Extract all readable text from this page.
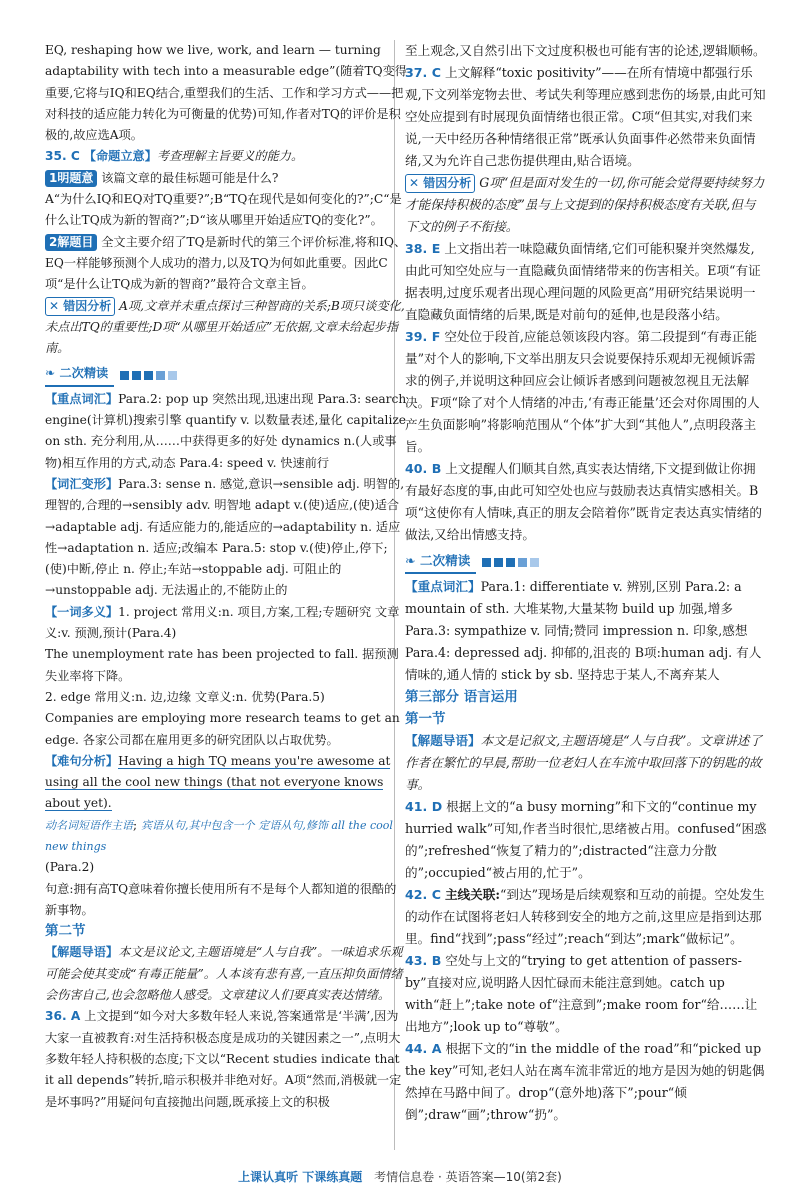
EQ, reshaping how we live, work, and learn — turning adaptability with tech into a measurable edge”(随着TQ变得重要,它将与IQ和EQ结合,重塑我们的生活、工作和学习方式——把对科技的适应能力转化为可衡量的优势)可知,作者对TQ的评价是积极的,故应选A项。

35. C 【命题立意】考查理解主旨要义的能力。

1明题意 该篇文章的最佳标题可能是什么?

A“为什么IQ和EQ对TQ重要?”;B“TQ在现代是如何变化的?”;C“是什么让TQ成为新的智商?”;D“该从哪里开始适应TQ的变化?”。

2解题目 全文主要介绍了TQ是新时代的第三个评价标准,将和IQ、EQ一样能够预测个人成功的潜力,以及TQ为何如此重要。因此C项“是什么让TQ成为新的智商?”最符合文章主旨。

✕ 错因分析 A项,文章并未重点探讨三种智商的关系;B项只谈变化,未点出TQ的重要性;D项“从哪里开始适应”无依据,文章未给起步指南。

❧ 二次精读

【重点词汇】Para.2: pop up 突然出现,迅速出现 Para.3: search engine(计算机)搜索引擎 quantify v. 以数量表述,量化 capitalize on sth. 充分利用,从……中获得更多的好处 dynamics n.(人或事物)相互作用的方式,动态 Para.4: speed v. 快速前行

【词汇变形】Para.3: sense n. 感觉,意识→sensible adj. 明智的,理智的,合理的→sensibly adv. 明智地 adapt v.(使)适应,(使)适合→adaptable adj. 有适应能力的,能适应的→adaptability n. 适应性→adaptation n. 适应;改编本 Para.5: stop v.(使)停止,停下;(使)中断,停止 n. 停止;车站→stoppable adj. 可阻止的→unstoppable adj. 无法遏止的,不能防止的

【一词多义】1. project 常用义:n. 项目,方案,工程;专题研究 文章义:v. 预测,预计(Para.4)

The unemployment rate has been projected to fall. 据预测失业率将下降。

2. edge 常用义:n. 边,边缘 文章义:n. 优势(Para.5)

Companies are employing more research teams to get an edge. 各家公司都在雇用更多的研究团队以占取优势。

【难句分析】Having a high TQ means you're awesome at using all the cool new things (that not everyone knows about yet).

动名词短语作主语; 宾语从句,其中包含一个 定语从句,修饰 all the cool new things

(Para.2)

句意:拥有高TQ意味着你擅长使用所有不是每个人都知道的很酷的新事物。

第二节

【解题导语】本文是议论文,主题语境是“人与自我”。一味追求乐观可能会使其变成“有毒正能量”。人本该有悲有喜,一直压抑负面情绪会伤害自己,也会忽略他人感受。文章建议人们要真实表达情绪。

36. A 上文提到“如今对大多数年轻人来说,答案通常是‘半满’,因为大家一直被教育:对生活持积极态度是成功的关键因素之一”,点明大多数年轻人持积极的态度;下文以“Recent studies indicate that it all depends”转折,暗示积极并非绝对好。A项“然而,消极就一定是坏事吗?”用疑问句直接抛出问题,既承接上文的积极

至上观念,又自然引出下文过度积极也可能有害的论述,逻辑顺畅。

37. C 上文解释“toxic positivity”——在所有情境中都强行乐观,下文列举宠物去世、考试失利等理应感到悲伤的场景,由此可知空处应提到有时展现负面情绪也很正常。C项“但其实,对我们来说,一天中经历各种情绪很正常”既承认负面事件必然带来负面情绪,又为允许自己悲伤提供理由,贴合语境。

✕ 错因分析 G项“但是面对发生的一切,你可能会觉得要持续努力才能保持积极的态度”虽与上文提到的保持积极态度有关联,但与下文的例子不衔接。

38. E 上文指出若一味隐藏负面情绪,它们可能积聚并突然爆发,由此可知空处应与一直隐藏负面情绪带来的伤害相关。E项“有证据表明,过度乐观者出现心理问题的风险更高”用研究结果说明一直隐藏负面情绪的后果,既是对前句的延伸,也是段落小结。

39. F 空处位于段首,应能总领该段内容。第二段提到“有毒正能量”对个人的影响,下文举出朋友只会说要保持乐观却无视倾诉需求的例子,并说明这种回应会让倾诉者感到问题被忽视且无法解决。F项“除了对个人情绪的冲击,‘有毒正能量’还会对你周围的人产生负面影响”将影响范围从“个体”扩大到“其他人”,点明段落主旨。

40. B 上文提醒人们顺其自然,真实表达情绪,下文提到做让你拥有最好态度的事,由此可知空处也应与鼓励表达真情实感相关。B项“这使你有人情味,真正的朋友会陪着你”既肯定表达真实情绪的做法,又给出情感支持。

❧ 二次精读

【重点词汇】Para.1: differentiate v. 辨别,区别 Para.2: a mountain of sth. 大堆某物,大量某物 build up 加强,增多 Para.3: sympathize v. 同情;赞同 impression n. 印象,感想 Para.4: depressed adj. 抑郁的,沮丧的 B项:human adj. 有人情味的,通人情的 stick by sb. 坚持忠于某人,不离弃某人

第三部分 语言运用

第一节

【解题导语】本文是记叙文,主题语境是“人与自我”。文章讲述了作者在繁忙的早晨,帮助一位老妇人在车流中取回落下的钥匙的故事。

41. D 根据上文的“a busy morning”和下文的“continue my hurried walk”可知,作者当时很忙,思绪被占用。confused“困惑的”;refreshed“恢复了精力的”;distracted“注意力分散的”;occupied“被占用的,忙于”。

42. C 主线关联:“到达”现场是后续观察和互动的前提。空处发生的动作在试图将老妇人转移到安全的地方之前,这里应是指到达那里。find“找到”;pass“经过”;reach“到达”;mark“做标记”。

43. B 空处与上文的“trying to get attention of passers-by”直接对应,说明路人因忙碌而未能注意到她。catch up with“赶上”;take note of“注意到”;make room for“给……让出地方”;look up to“尊敬”。

44. A 根据下文的“in the middle of the road”和“picked up the key”可知,老妇人站在离车流非常近的地方是因为她的钥匙偶然掉在马路中间了。drop“(意外地)落下”;pour“倾倒”;draw“画”;throw“扔”。

上课认真听 下课练真题 考情信息卷 · 英语答案—10(第2套)
